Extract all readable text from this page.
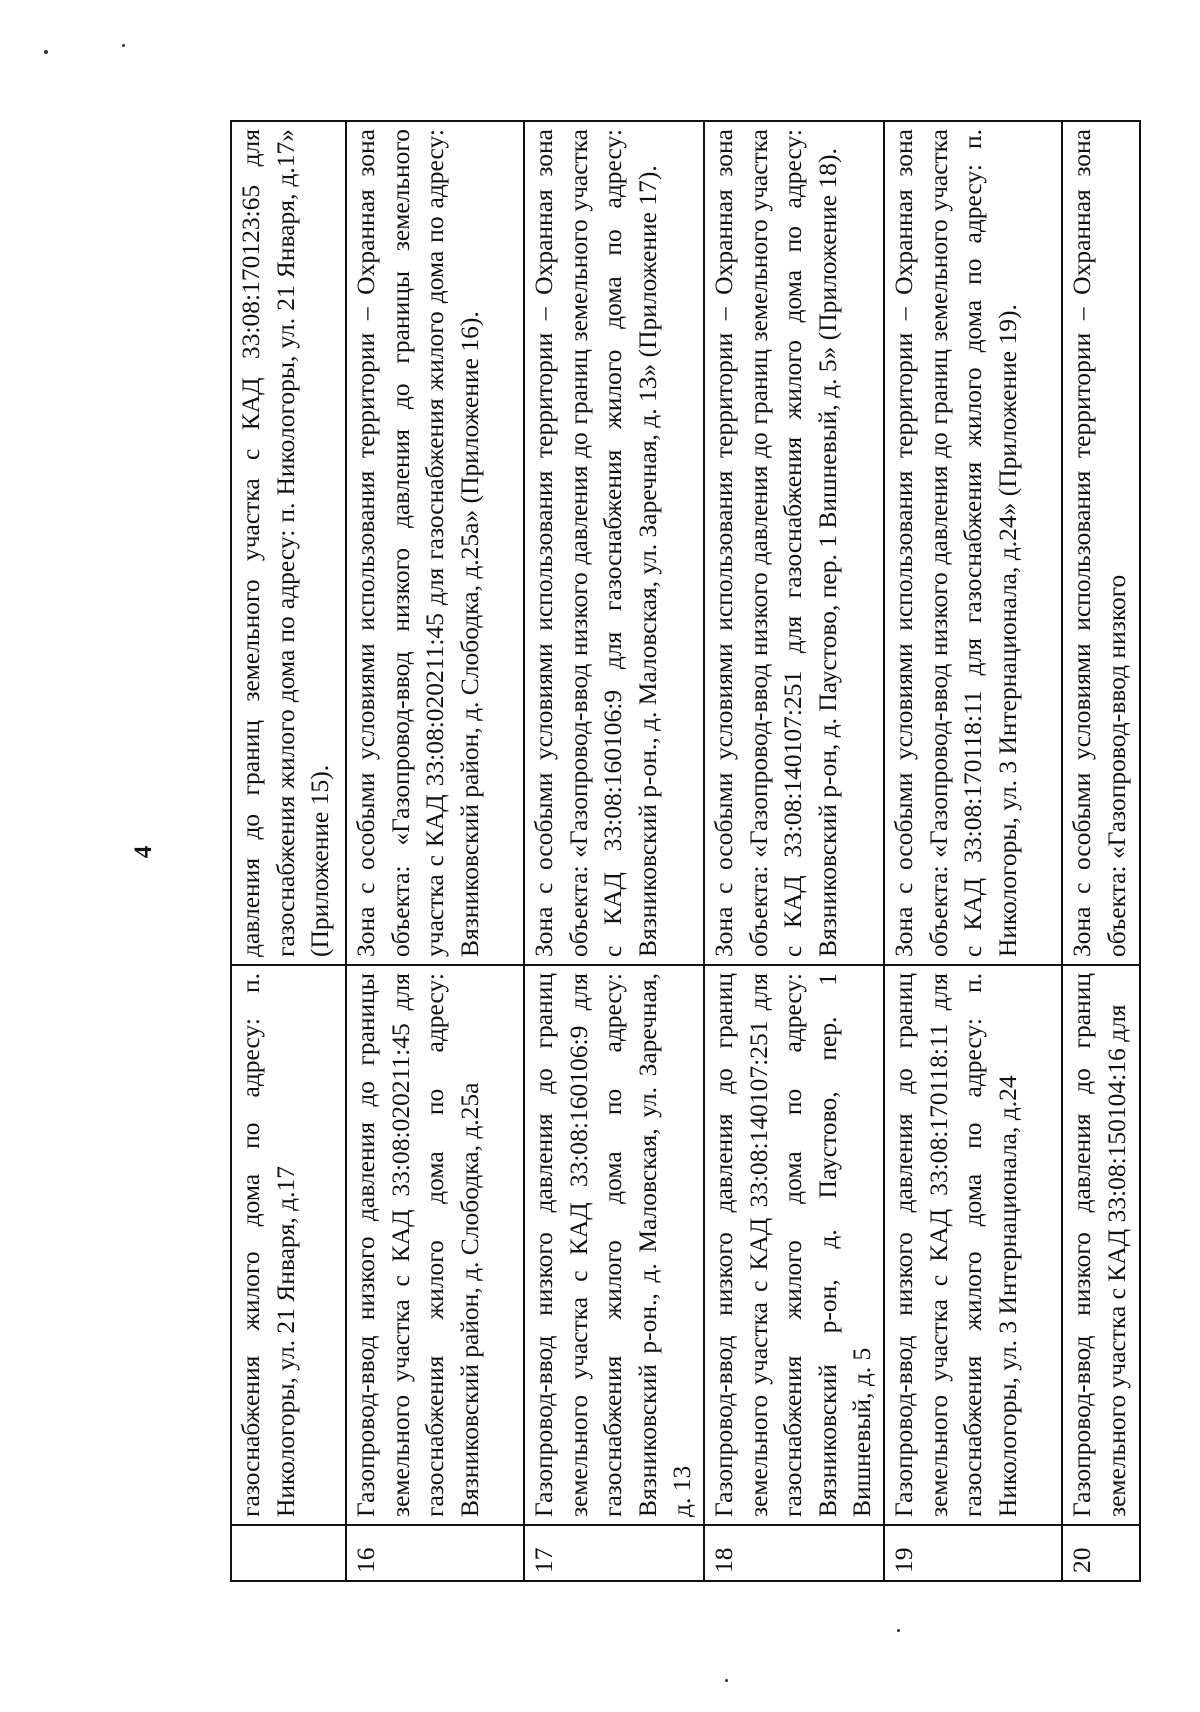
4
	газоснабжения жилого дома по адресу: п. Никологоры, ул. 21 Января, д.17	давления до границ земельного участка с КАД 33:08:170123:65 для газоснабжения жилого дома по адресу: п. Никологоры, ул. 21 Января, д.17» (Приложение 15).
16	Газопровод-ввод низкого давления до границы земельного участка с КАД 33:08:020211:45 для газоснабжения жилого дома по адресу: Вязниковский район, д. Слободка, д.25а	Зона с особыми условиями использования территории – Охранная зона объекта: «Газопровод-ввод низкого давления до границы земельного участка с КАД 33:08:020211:45 для газоснабжения жилого дома по адресу: Вязниковский район, д. Слободка, д.25а» (Приложение 16).
17	Газопровод-ввод низкого давления до границ земельного участка с КАД 33:08:160106:9 для газоснабжения жилого дома по адресу: Вязниковский р-он., д. Маловская, ул. Заречная, д. 13	Зона с особыми условиями использования территории – Охранная зона объекта: «Газопровод-ввод низкого давления до границ земельного участка с КАД 33:08:160106:9 для газоснабжения жилого дома по адресу: Вязниковский р-он., д. Маловская, ул. Заречная, д. 13» (Приложение 17).
18	Газопровод-ввод низкого давления до границ земельного участка с КАД 33:08:140107:251 для газоснабжения жилого дома по адресу: Вязниковский р-он, д. Паустово, пер. 1 Вишневый, д. 5	Зона с особыми условиями использования территории – Охранная зона объекта: «Газопровод-ввод низкого давления до границ земельного участка с КАД 33:08:140107:251 для газоснабжения жилого дома по адресу: Вязниковский р-он, д. Паустово, пер. 1 Вишневый, д. 5» (Приложение 18).
19	Газопровод-ввод низкого давления до границ земельного участка с КАД 33:08:170118:11 для газоснабжения жилого дома по адресу: п. Никологоры, ул. 3 Интернационала, д.24	Зона с особыми условиями использования территории – Охранная зона объекта: «Газопровод-ввод низкого давления до границ земельного участка с КАД 33:08:170118:11 для газоснабжения жилого дома по адресу: п. Никологоры, ул. 3 Интернационала, д.24» (Приложение 19).
20	Газопровод-ввод низкого давления до границ земельного участка с КАД 33:08:150104:16 для	Зона с особыми условиями использования территории – Охранная зона объекта: «Газопровод-ввод низкого
